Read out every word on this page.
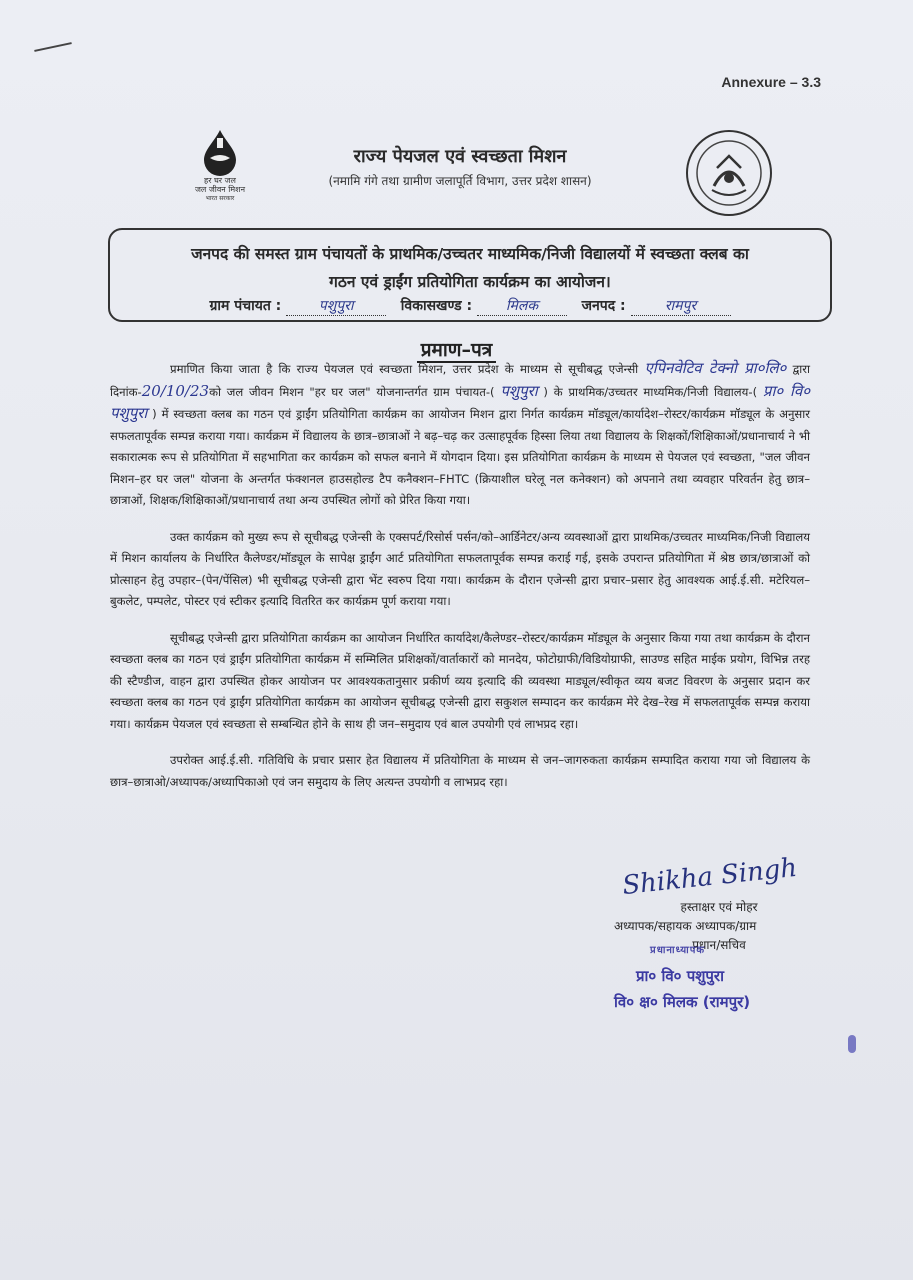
Annexure – 3.3
हर घर जल
जल जीवन मिशन
भारत सरकार
राज्य पेयजल एवं स्वच्छता मिशन
(नमामि गंगे तथा ग्रामीण जलापूर्ति विभाग, उत्तर प्रदेश शासन)
जनपद की समस्त ग्राम पंचायतों के प्राथमिक/उच्चतर माध्यमिक/निजी विद्यालयों में स्वच्छता क्लब का
गठन एवं ड्राईंग प्रतियोगिता कार्यक्रम का आयोजन।
ग्राम पंचायत :	पशुपुरा	विकासखण्ड : मिलक	जनपद :	रामपुर
प्रमाण–पत्र

प्रमाणित किया जाता है कि राज्य पेयजल एवं स्वच्छता मिशन, उत्तर प्रदेश के माध्यम से सूचीबद्ध एजेन्सी एपिनवेटिव टेक्नो प्रा०लि० द्वारा दिनांक-20/10/23को जल जीवन मिशन "हर घर जल" योजनान्तर्गत ग्राम पंचायत-( पशुपुरा ) के प्राथमिक/उच्चतर माध्यमिक/निजी विद्यालय-( प्रा० वि० पशुपुरा ) में स्वच्छता क्लब का गठन एवं ड्राईंग प्रतियोगिता कार्यक्रम का आयोजन मिशन द्वारा निर्गत कार्यक्रम मॉड्यूल/कार्यादेश–रोस्टर/कार्यक्रम मॉड्यूल के अनुसार सफलतापूर्वक सम्पन्न कराया गया। कार्यक्रम में विद्यालय के छात्र–छात्राओं ने बढ़–चढ़ कर उत्साहपूर्वक हिस्सा लिया तथा विद्यालय के शिक्षकों/शिक्षिकाओं/प्रधानाचार्य ने भी सकारात्मक रूप से प्रतियोगिता में सहभागिता कर कार्यक्रम को सफल बनाने में योगदान दिया। इस प्रतियोगिता कार्यक्रम के माध्यम से पेयजल एवं स्वच्छता, "जल जीवन मिशन–हर घर जल" योजना के अन्तर्गत फंक्शनल हाउसहोल्ड टैप कनैक्शन–FHTC (क्रियाशील घरेलू नल कनेक्शन) को अपनाने तथा व्यवहार परिवर्तन हेतु छात्र–छात्राओं, शिक्षक/शिक्षिकाओं/प्रधानाचार्य तथा अन्य उपस्थित लोगों को प्रेरित किया गया।

उक्त कार्यक्रम को मुख्य रूप से सूचीबद्ध एजेन्सी के एक्सपर्ट/रिसोर्स पर्सन/को–आर्डिनेटर/अन्य व्यवस्थाओं द्वारा प्राथमिक/उच्चतर माध्यमिक/निजी विद्यालय में मिशन कार्यालय के निर्धारित कैलेण्डर/मॉड्यूल के सापेक्ष ड्राईंग आर्ट प्रतियोगिता सफलतापूर्वक सम्पन्न कराई गई, इसके उपरान्त प्रतियोगिता में श्रेष्ठ छात्र/छात्राओं को प्रोत्साहन हेतु उपहार–(पेन/पेंसिल) भी सूचीबद्ध एजेन्सी द्वारा भेंट स्वरुप दिया गया। कार्यक्रम के दौरान एजेन्सी द्वारा प्रचार–प्रसार हेतु आवश्यक आई.ई.सी. मटेरियल–बुकलेट, पम्पलेट, पोस्टर एवं स्टीकर इत्यादि वितरित कर कार्यक्रम पूर्ण कराया गया।

सूचीबद्ध एजेन्सी द्वारा प्रतियोगिता कार्यक्रम का आयोजन निर्धारित कार्यादेश/कैलेण्डर–रोस्टर/कार्यक्रम मॉड्यूल के अनुसार किया गया तथा कार्यक्रम के दौरान स्वच्छता क्लब का गठन एवं ड्राईंग प्रतियोगिता कार्यक्रम में सम्मिलित प्रशिक्षकों/वार्ताकारों को मानदेय, फोटोग्राफी/विडियोग्राफी, साउण्ड सहित माईक प्रयोग, विभिन्न तरह की स्टैण्डीज, वाहन द्वारा उपस्थित होकर आयोजन पर आवश्यकतानुसार प्रकीर्ण व्यय इत्यादि की व्यवस्था माड्यूल/स्वीकृत व्यय बजट विवरण के अनुसार प्रदान कर स्वच्छता क्लब का गठन एवं ड्राईंग प्रतियोगिता कार्यक्रम का आयोजन सूचीबद्ध एजेन्सी द्वारा सकुशल सम्पादन कर कार्यक्रम मेरे देख–रेख में सफलतापूर्वक सम्पन्न कराया गया। कार्यक्रम पेयजल एवं स्वच्छता से सम्बन्धित होने के साथ ही जन–समुदाय एवं बाल उपयोगी एवं लाभप्रद रहा।

उपरोक्त आई.ई.सी. गतिविधि के प्रचार प्रसार हेत विद्यालय में प्रतियोगिता के माध्यम से जन–जागरुकता कार्यक्रम सम्पादित कराया गया जो विद्यालय के छात्र–छात्राओ/अध्यापक/अध्यापिकाओ एवं जन समुदाय के लिए अत्यन्त उपयोगी व लाभप्रद रहा।

Shikha Singh
हस्ताक्षर एवं मोहर
अध्यापक/सहायक अध्यापक/ग्राम
प्रधान/सचिव
प्रधानाध्यापक
प्रा० वि० पशुपुरा
वि० क्ष० मिलक (रामपुर)
